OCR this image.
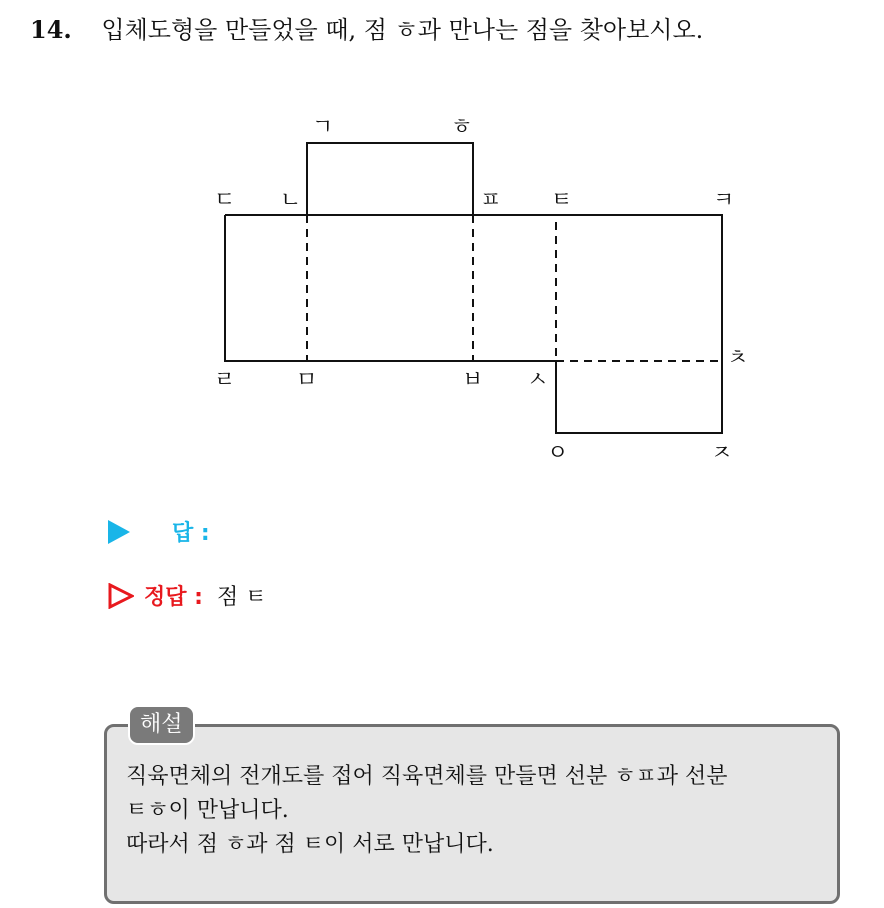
14. 입체도형을 만들었을 때, 점 ㅎ과 만나는 점을 찾아보시오.
ㄱ	ㅎ
ㄷ ㄴ	ㅍ ㅌ	ㅋ
ㄹ	ㅁ	ㅂ ㅅ
ㅊ
ㅇ	ㅈ
답 :
정답 : 점 ㅌ
해설
직육면체의 전개도를 접어 직육면체를 만들면 선분 ㅎㅍ과 선분
ㅌㅎ이 만납니다.
따라서 점 ㅎ과 점 ㅌ이 서로 만납니다.
